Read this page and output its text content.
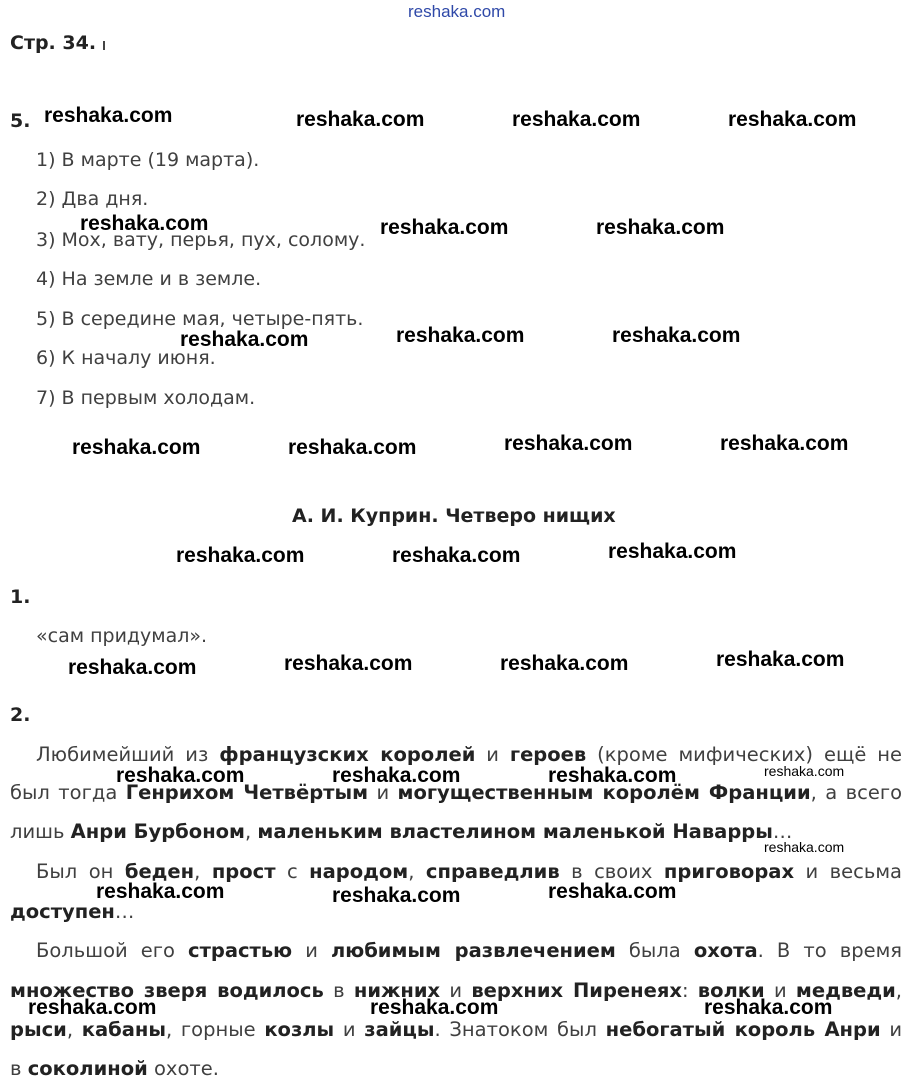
reshaka.com
Стр. 34.
5.
1) В марте (19 марта).
2) Два дня.
3) Мох, вату, перья, пух, солому.
4) На земле и в земле.
5) В середине мая, четыре-пять.
6) К началу июня.
7) В первым холодам.
А. И. Куприн. Четверо нищих
1.
«сам придумал».
2.
Любимейший из французских королей и героев (кроме мифических) ещё не
был тогда Генрихом Четвёртым и могущественным королём Франции, а всего
лишь Анри Бурбоном, маленьким властелином маленькой Наварры…
Был он беден, прост с народом, справедлив в своих приговорах и весьма
доступен…
Большой его страстью и любимым развлечением была охота. В то время
множество зверя водилось в нижних и верхних Пиренеях: волки и медведи,
рыси, кабаны, горные козлы и зайцы. Знатоком был небогатый король Анри и
в соколиной охоте.
reshaka.com	reshaka.com	reshaka.com	reshaka.com
reshaka.com	reshaka.com	reshaka.com
reshaka.com	reshaka.com	reshaka.com
reshaka.com	reshaka.com	reshaka.com	reshaka.com
reshaka.com	reshaka.com	reshaka.com
reshaka.com	reshaka.com	reshaka.com	reshaka.com
reshaka.com	reshaka.com	reshaka.com	reshaka.com
reshaka.com
reshaka.com	reshaka.com	reshaka.com
reshaka.com	reshaka.com	reshaka.com
